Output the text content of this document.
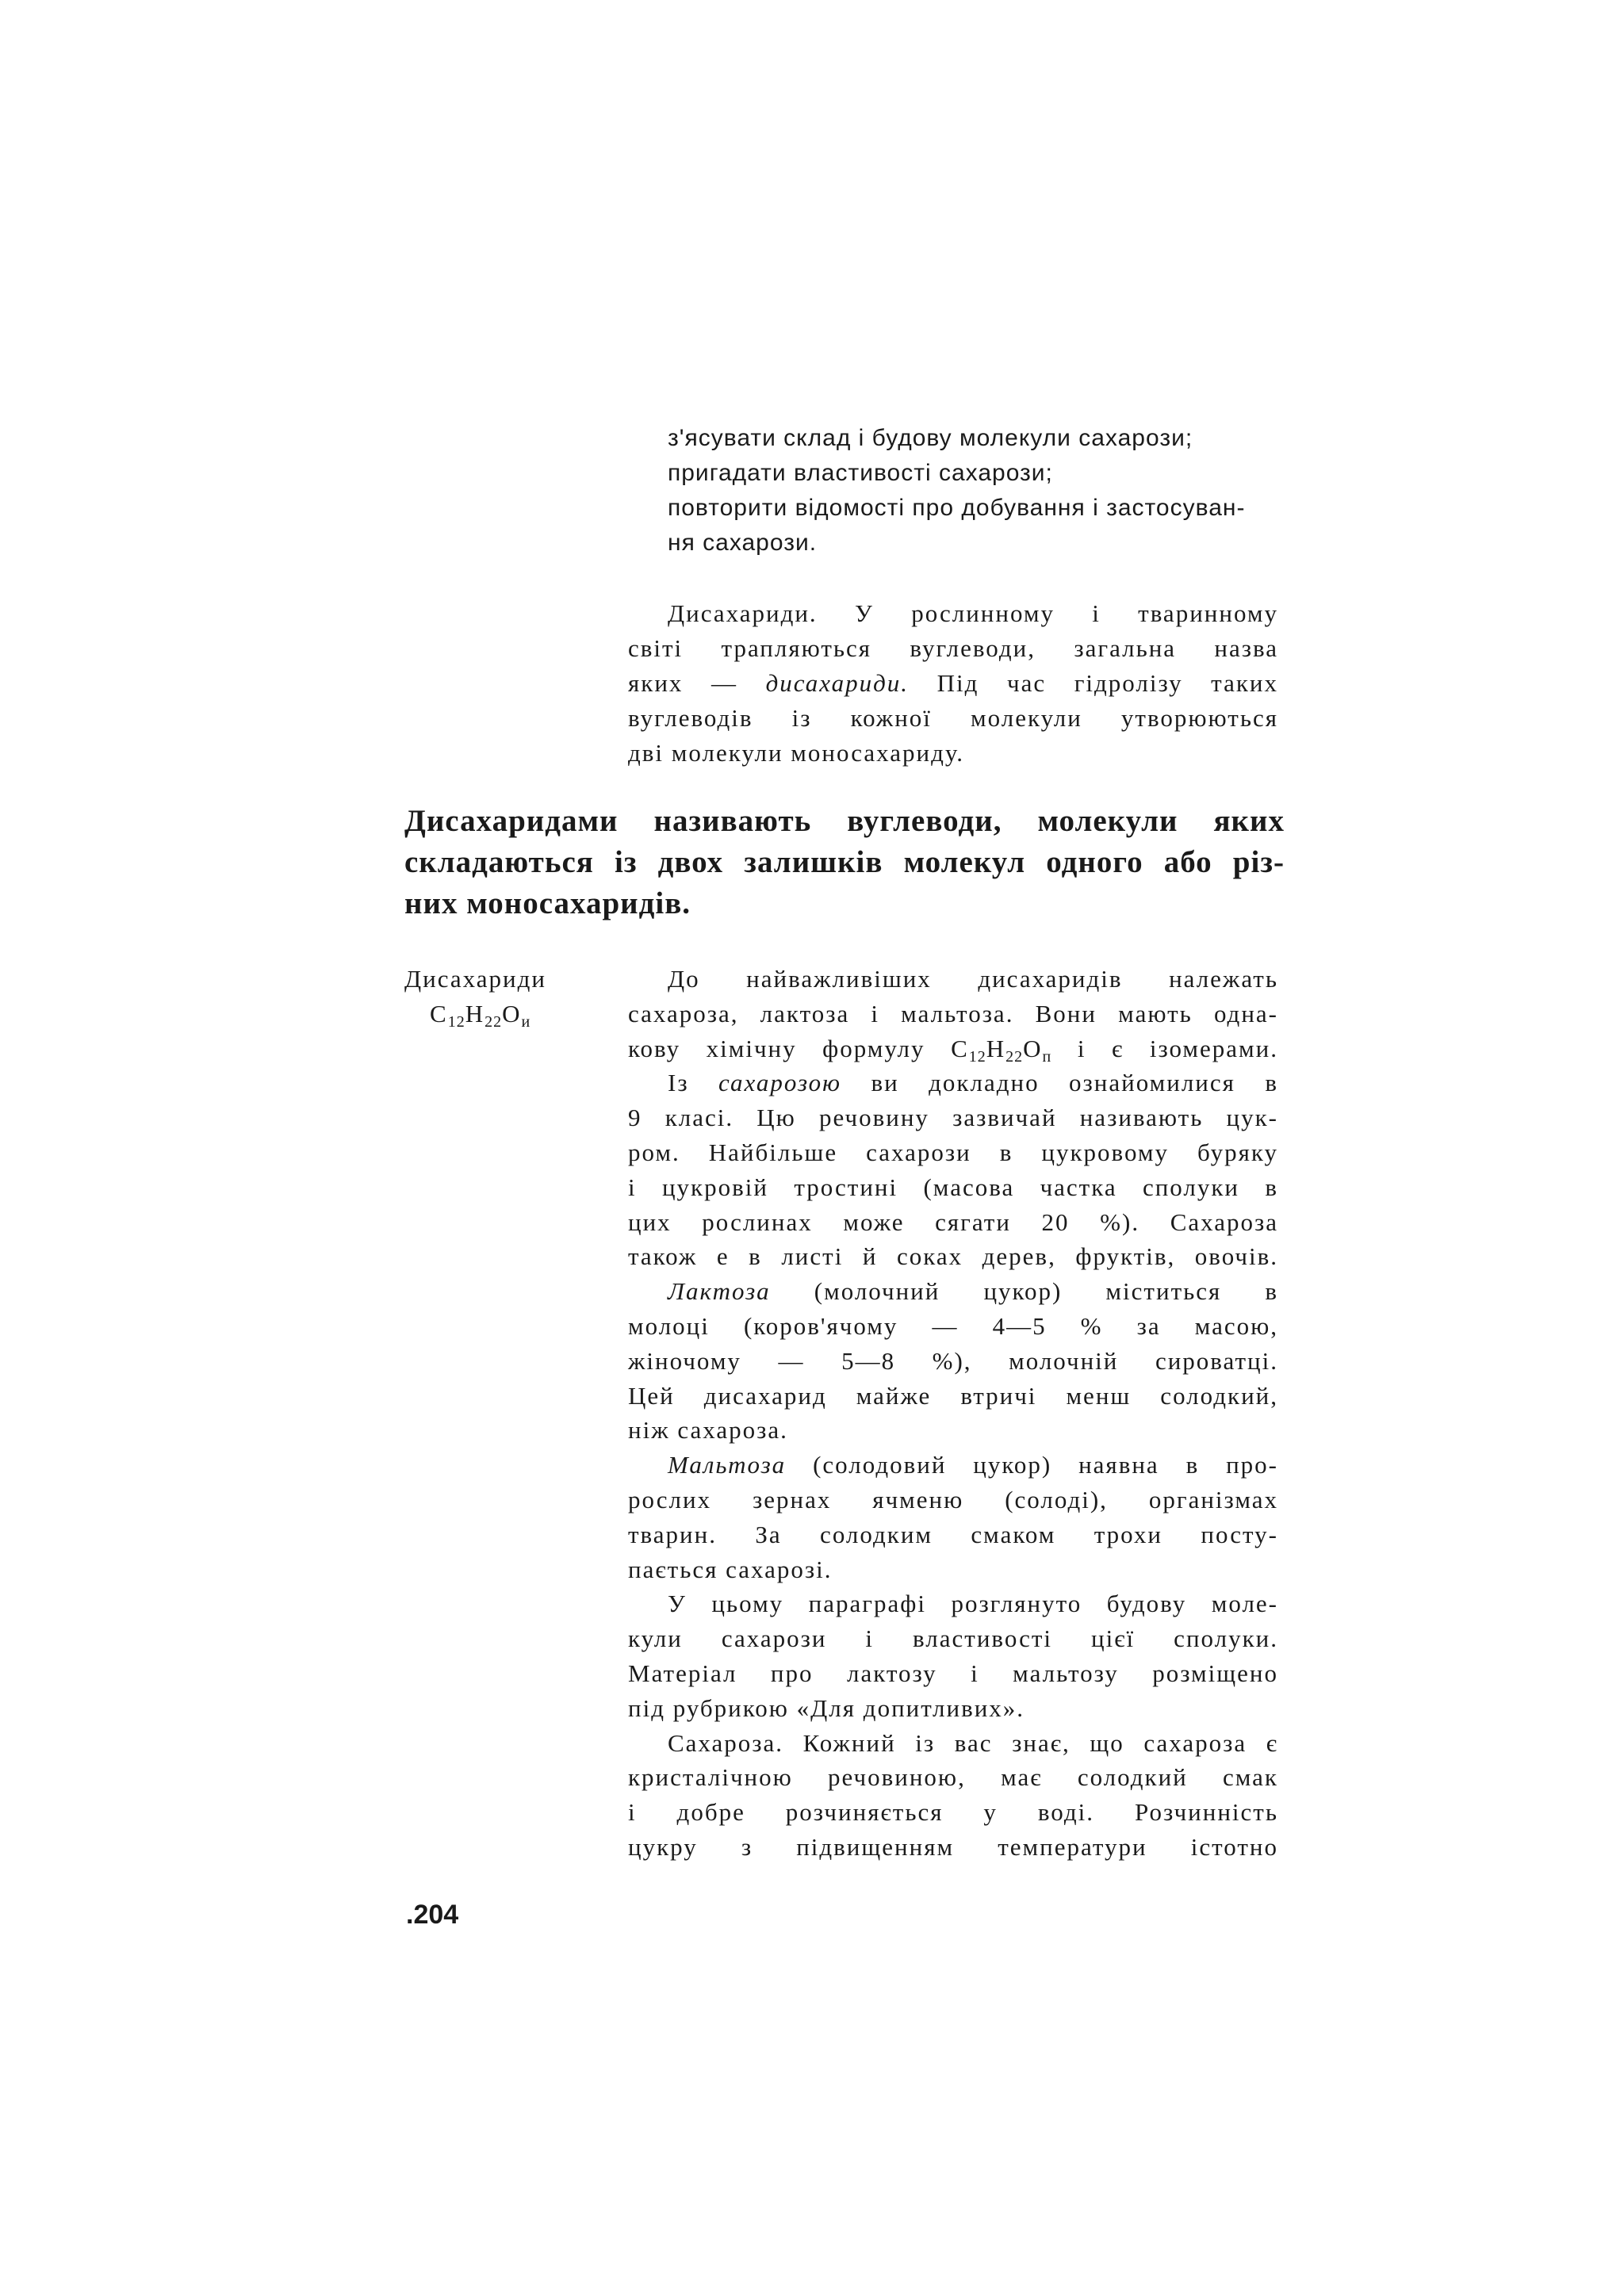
з'ясувати склад і будову молекули сахарози;
пригадати властивості сахарози;
повторити відомості про добування і застосуван-
ня сахарози.
Дисахариди. У рослинному і тваринному
світі трапляються вуглеводи, загальна назва
яких — дисахариди. Під час гідролізу таких
вуглеводів із кожної молекули утворюються
дві молекули моносахариду.
Дисахаридами називають вуглеводи, молекули яких
складаються із двох залишків молекул одного або різ-
них моносахаридів.
Дисахариди
$C_{12}H_{22}O_и$
До найважливіших дисахаридів належать
сахароза, лактоза і мальтоза. Вони мають одна-
кову хімічну формулу $C_{12}H_{22}O_п$ і є ізомерами.
Із сахарозою ви докладно ознайомилися в
9 класі. Цю речовину зазвичай називають цук-
ром. Найбільше сахарози в цукровому буряку
і цукровій тростині (масова частка сполуки в
цих рослинах може сягати 20 %). Сахароза
також е в листі й соках дерев, фруктів, овочів.
Лактоза (молочний цукор) міститься в
молоці (коров'ячому — 4—5 % за масою,
жіночому — 5—8 %), молочній сироватці.
Цей дисахарид майже втричі менш солодкий,
ніж сахароза.
Мальтоза (солодовий цукор) наявна в про-
рослих зернах ячменю (солоді), організмах
тварин. За солодким смаком трохи посту-
пається сахарозі.
У цьому параграфі розглянуто будову моле-
кули сахарози і властивості цієї сполуки.
Матеріал про лактозу і мальтозу розміщено
під рубрикою «Для допитливих».
Сахароза. Кожний із вас знає, що сахароза є
кристалічною речовиною, має солодкий смак
і добре розчиняється у воді. Розчинність
цукру з підвищенням температури істотно
.204
